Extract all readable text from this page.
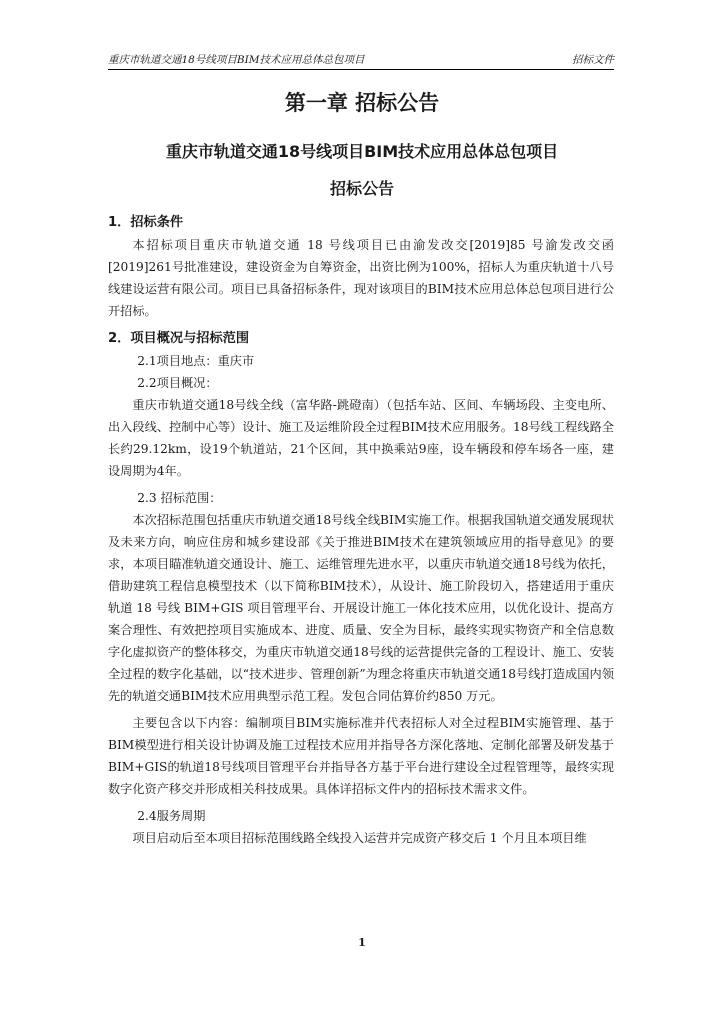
重庆市轨道交通18号线项目BIM技术应用总体总包项目	招标文件
第一章 招标公告
重庆市轨道交通18号线项目BIM技术应用总体总包项目
招标公告

1．招标条件

本招标项目重庆市轨道交通 18 号线项目已由渝发改交[2019]85 号渝发改交函[2019]261号批准建设，建设资金为自筹资金，出资比例为100%，招标人为重庆轨道十八号线建设运营有限公司。项目已具备招标条件，现对该项目的BIM技术应用总体总包项目进行公开招标。

2．项目概况与招标范围

2.1项目地点：重庆市

2.2项目概况：

重庆市轨道交通18号线全线（富华路-跳磴南）（包括车站、区间、车辆场段、主变电所、出入段线、控制中心等）设计、施工及运维阶段全过程BIM技术应用服务。18号线工程线路全长约29.12km，设19个轨道站，21个区间，其中换乘站9座，设车辆段和停车场各一座，建设周期为4年。

2.3 招标范围：

本次招标范围包括重庆市轨道交通18号线全线BIM实施工作。根据我国轨道交通发展现状及未来方向，响应住房和城乡建设部《关于推进BIM技术在建筑领域应用的指导意见》的要求，本项目瞄准轨道交通设计、施工、运维管理先进水平，以重庆市轨道交通18号线为依托，借助建筑工程信息模型技术（以下简称BIM技术），从设计、施工阶段切入，搭建适用于重庆轨道 18 号线 BIM+GIS 项目管理平台、开展设计施工一体化技术应用，以优化设计、提高方案合理性、有效把控项目实施成本、进度、质量、安全为目标，最终实现实物资产和全信息数字化虚拟资产的整体移交，为重庆市轨道交通18号线的运营提供完备的工程设计、施工、安装全过程的数字化基础，以“技术进步、管理创新”为理念将重庆市轨道交通18号线打造成国内领先的轨道交通BIM技术应用典型示范工程。发包合同估算价约850 万元。

主要包含以下内容：编制项目BIM实施标准并代表招标人对全过程BIM实施管理、基于BIM模型进行相关设计协调及施工过程技术应用并指导各方深化落地、定制化部署及研发基于BIM+GIS的轨道18号线项目管理平台并指导各方基于平台进行建设全过程管理等，最终实现数字化资产移交并形成相关科技成果。具体详招标文件内的招标技术需求文件。

2.4服务周期

项目启动后至本项目招标范围线路全线投入运营并完成资产移交后 1 个月且本项目维

1
